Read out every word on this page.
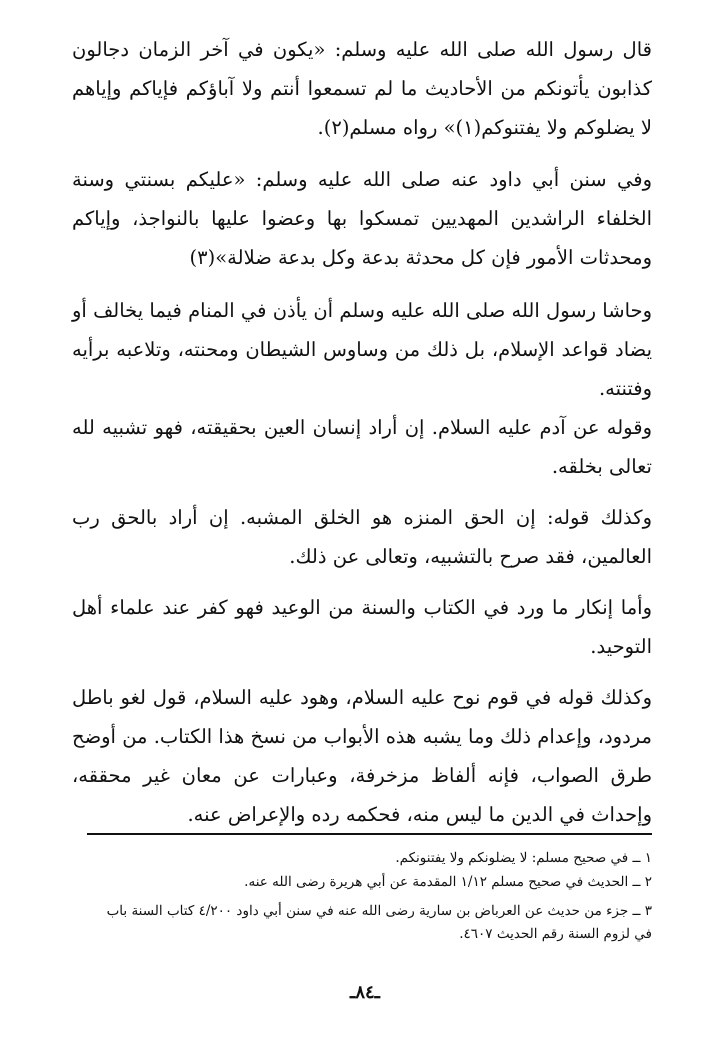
قال رسول الله صلى الله عليه وسلم: «يكون في آخر الزمان دجالون كذابون يأتونكم من الأحاديث ما لم تسمعوا أنتم ولا آباؤكم فإياكم وإياهم لا يضلوكم ولا يفتنوكم(١)» رواه مسلم(٢).

وفي سنن أبي داود عنه صلى الله عليه وسلم: «عليكم بسنتي وسنة الخلفاء الراشدين المهديين تمسكوا بها وعضوا عليها بالنواجذ، وإياكم ومحدثات الأمور فإن كل محدثة بدعة وكل بدعة ضلالة»(٣)

وحاشا رسول الله صلى الله عليه وسلم أن يأذن في المنام فيما يخالف أو يضاد قواعد الإسلام، بل ذلك من وساوس الشيطان ومحنته، وتلاعبه برأيه وفتنته.

وقوله عن آدم عليه السلام. إن أراد إنسان العين بحقيقته، فهو تشبيه لله تعالى بخلقه.

وكذلك قوله: إن الحق المنزه هو الخلق المشبه. إن أراد بالحق رب العالمين، فقد صرح بالتشبيه، وتعالى عن ذلك.

وأما إنكار ما ورد في الكتاب والسنة من الوعيد فهو كفر عند علماء أهل التوحيد.

وكذلك قوله في قوم نوح عليه السلام، وهود عليه السلام، قول لغو باطل مردود، وإعدام ذلك وما يشبه هذه الأبواب من نسخ هذا الكتاب. من أوضح طرق الصواب، فإنه ألفاظ مزخرفة، وعبارات عن معان غير محققه، وإحداث في الدين ما ليس منه، فحكمه رده والإعراض عنه.

١ ــ في صحيح مسلم: لا يضلونكم ولا يفتنونكم.

٢ ــ الحديث في صحيح مسلم ١/١٢ المقدمة عن أبي هريرة رضى الله عنه.

٣ ــ جزء من حديث عن العرباض بن سارية رضى الله عنه في سنن أبي داود ٤/٢٠٠ كتاب السنة باب في لزوم السنة رقم الحديث ٤٦٠٧.

ـ٨٤ـ
